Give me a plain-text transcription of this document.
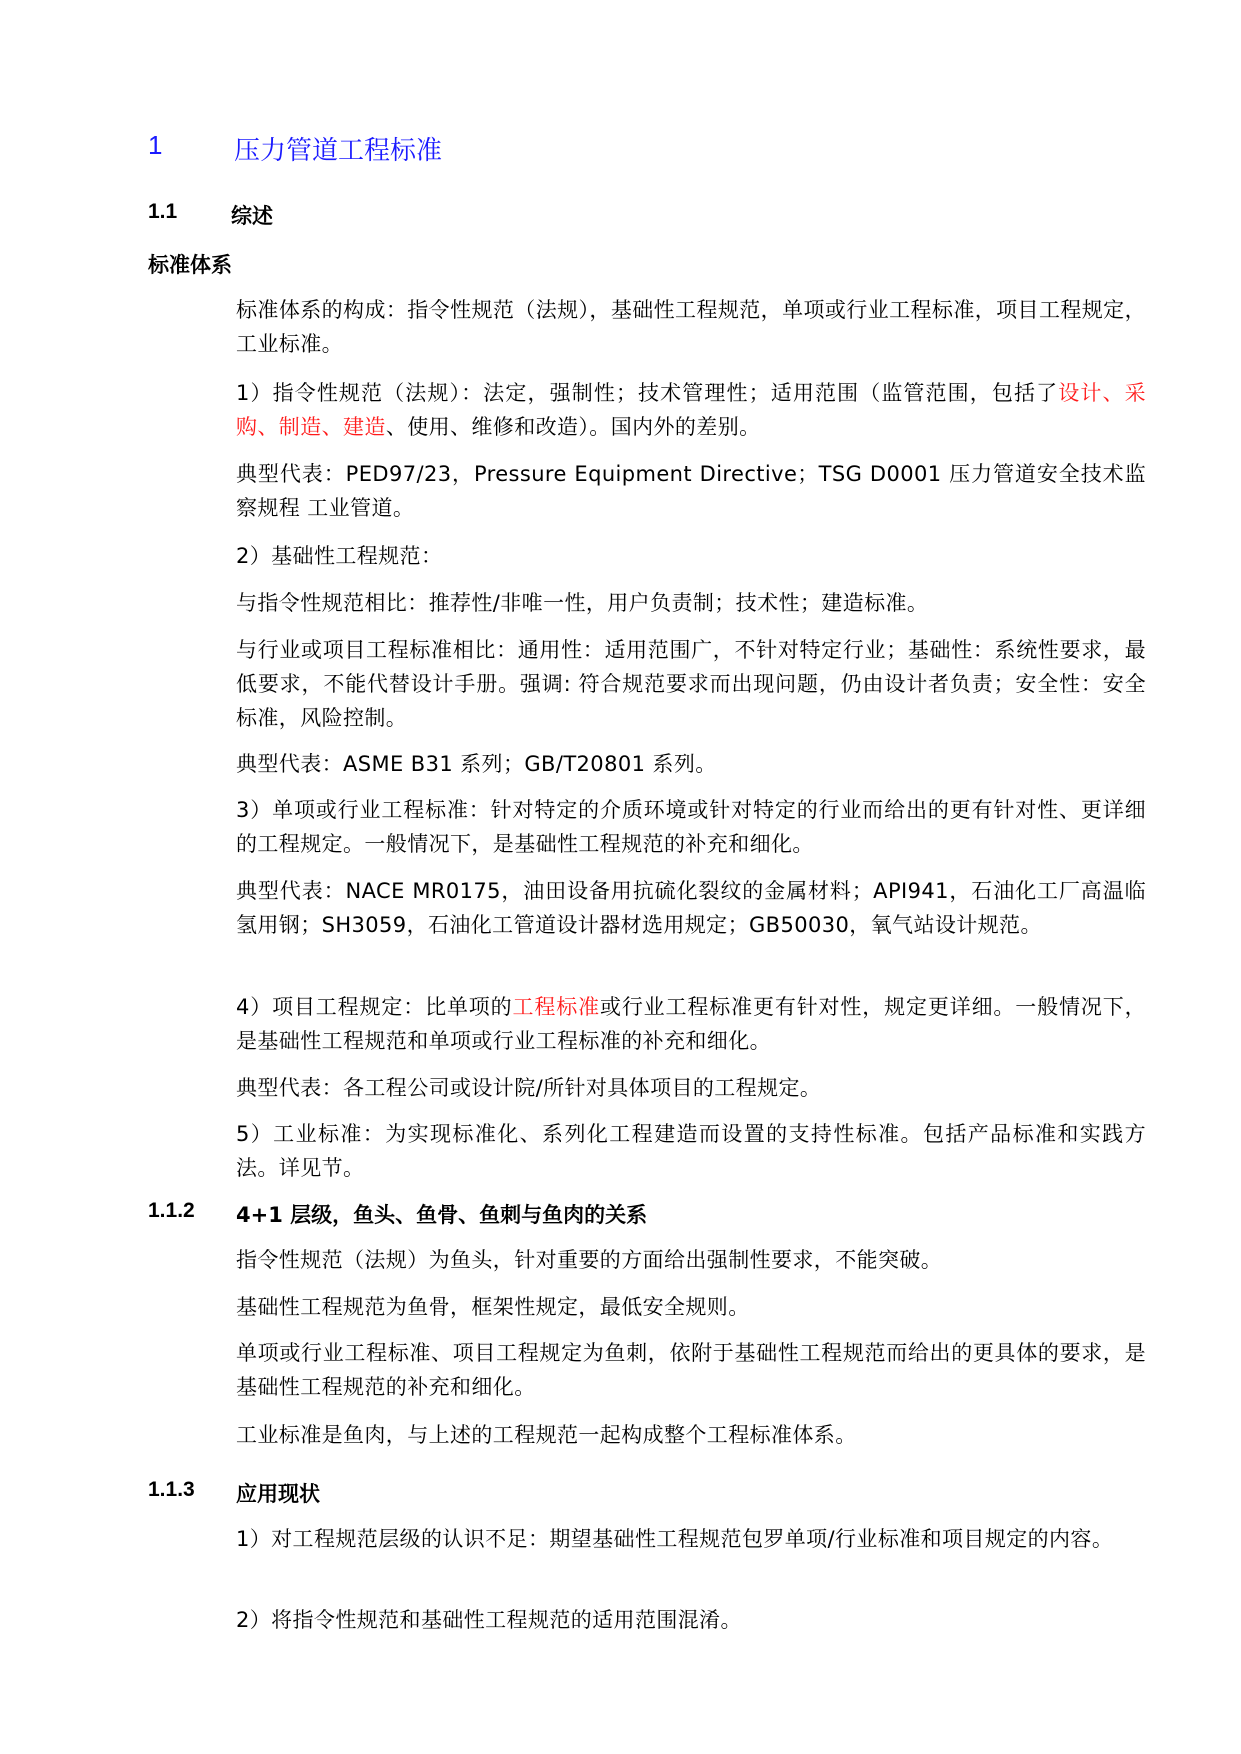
1	压力管道工程标准
1.1	综述
标准体系
标准体系的构成：指令性规范（法规），基础性工程规范，单项或行业工程标准，项目工程规定，工业标准。
1）指令性规范（法规）：法定，强制性；技术管理性；适用范围（监管范围，包括了设计、采购、制造、建造、使用、维修和改造）。国内外的差别。
典型代表：PED97/23，Pressure Equipment Directive；TSG D0001 压力管道安全技术监察规程 工业管道。
2）基础性工程规范：
与指令性规范相比：推荐性/非唯一性，用户负责制；技术性；建造标准。
与行业或项目工程标准相比：通用性：适用范围广，不针对特定行业；基础性：系统性要求，最低要求，不能代替设计手册。强调: 符合规范要求而出现问题，仍由设计者负责；安全性：安全标准，风险控制。
典型代表：ASME B31 系列；GB/T20801 系列。
3）单项或行业工程标准：针对特定的介质环境或针对特定的行业而给出的更有针对性、更详细的工程规定。一般情况下，是基础性工程规范的补充和细化。
典型代表：NACE MR0175，油田设备用抗硫化裂纹的金属材料；API941，石油化工厂高温临氢用钢；SH3059，石油化工管道设计器材选用规定；GB50030，氧气站设计规范。
4）项目工程规定：比单项的工程标准或行业工程标准更有针对性，规定更详细。一般情况下，是基础性工程规范和单项或行业工程标准的补充和细化。
典型代表：各工程公司或设计院/所针对具体项目的工程规定。
5）工业标准：为实现标准化、系列化工程建造而设置的支持性标准。包括产品标准和实践方法。详见节。
1.1.2	4+1 层级，鱼头、鱼骨、鱼刺与鱼肉的关系
指令性规范（法规）为鱼头，针对重要的方面给出强制性要求，不能突破。
基础性工程规范为鱼骨，框架性规定，最低安全规则。
单项或行业工程标准、项目工程规定为鱼刺，依附于基础性工程规范而给出的更具体的要求，是基础性工程规范的补充和细化。
工业标准是鱼肉，与上述的工程规范一起构成整个工程标准体系。
1.1.3	应用现状
1）对工程规范层级的认识不足：期望基础性工程规范包罗单项/行业标准和项目规定的内容。
2）将指令性规范和基础性工程规范的适用范围混淆。
